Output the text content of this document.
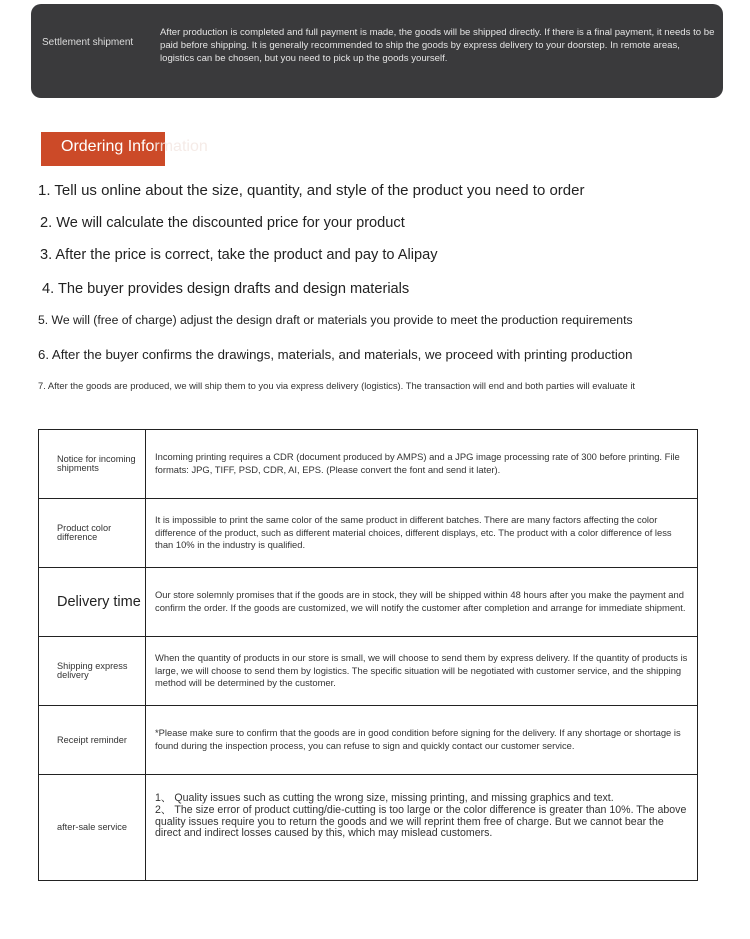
Settlement shipment
After production is completed and full payment is made, the goods will be shipped directly. If there is a final payment, it needs to be paid before shipping. It is generally recommended to ship the goods by express delivery to your doorstep. In remote areas, logistics can be chosen, but you need to pick up the goods yourself.
Ordering Information
1. Tell us online about the size, quantity, and style of the product you need to order
2. We will calculate the discounted price for your product
3. After the price is correct, take the product and pay to Alipay
4. The buyer provides design drafts and design materials
5. We will (free of charge) adjust the design draft or materials you provide to meet the production requirements
6. After the buyer confirms the drawings, materials, and materials, we proceed with printing production
7. After the goods are produced, we will ship them to you via express delivery (logistics). The transaction will end and both parties will evaluate it
Notice for incoming shipments	Incoming printing requires a CDR (document produced by AMPS) and a JPG image processing rate of 300 before printing. File formats: JPG, TIFF, PSD, CDR, AI, EPS. (Please convert the font and send it later).
Product color difference	It is impossible to print the same color of the same product in different batches. There are many factors affecting the color difference of the product, such as different material choices, different displays, etc. The product with a color difference of less than 10% in the industry is qualified.
Delivery time	Our store solemnly promises that if the goods are in stock, they will be shipped within 48 hours after you make the payment and confirm the order. If the goods are customized, we will notify the customer after completion and arrange for immediate shipment.
Shipping express delivery	When the quantity of products in our store is small, we will choose to send them by express delivery. If the quantity of products is large, we will choose to send them by logistics. The specific situation will be negotiated with customer service, and the shipping method will be determined by the customer.
Receipt reminder	*Please make sure to confirm that the goods are in good condition before signing for the delivery. If any shortage or shortage is found during the inspection process, you can refuse to sign and quickly contact our customer service.
after-sale service	1、 Quality issues such as cutting the wrong size, missing printing, and missing graphics and text.
2、 The size error of product cutting/die-cutting is too large or the color difference is greater than 10%. The above quality issues require you to return the goods and we will reprint them free of charge. But we cannot bear the direct and indirect losses caused by this, which may mislead customers.
